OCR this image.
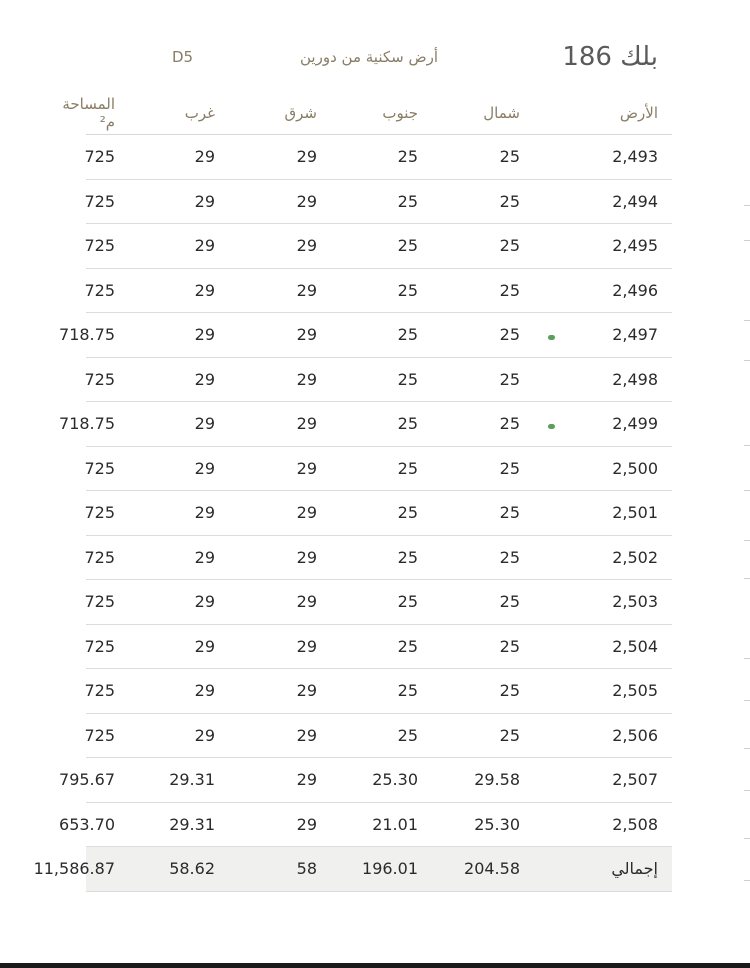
بلك 186
أرض سكنية من دورين
D5
الأرض		شمال	جنوب	شرق	غرب	المساحة م²
2,493		25	25	29	29	725
2,494		25	25	29	29	725
2,495		25	25	29	29	725
2,496		25	25	29	29	725
2,497		25	25	29	29	718.75
2,498		25	25	29	29	725
2,499		25	25	29	29	718.75
2,500		25	25	29	29	725
2,501		25	25	29	29	725
2,502		25	25	29	29	725
2,503		25	25	29	29	725
2,504		25	25	29	29	725
2,505		25	25	29	29	725
2,506		25	25	29	29	725
2,507		29.58	25.30	29	29.31	795.67
2,508		25.30	21.01	29	29.31	653.70
إجمالي		204.58	196.01	58	58.62	11,586.87
